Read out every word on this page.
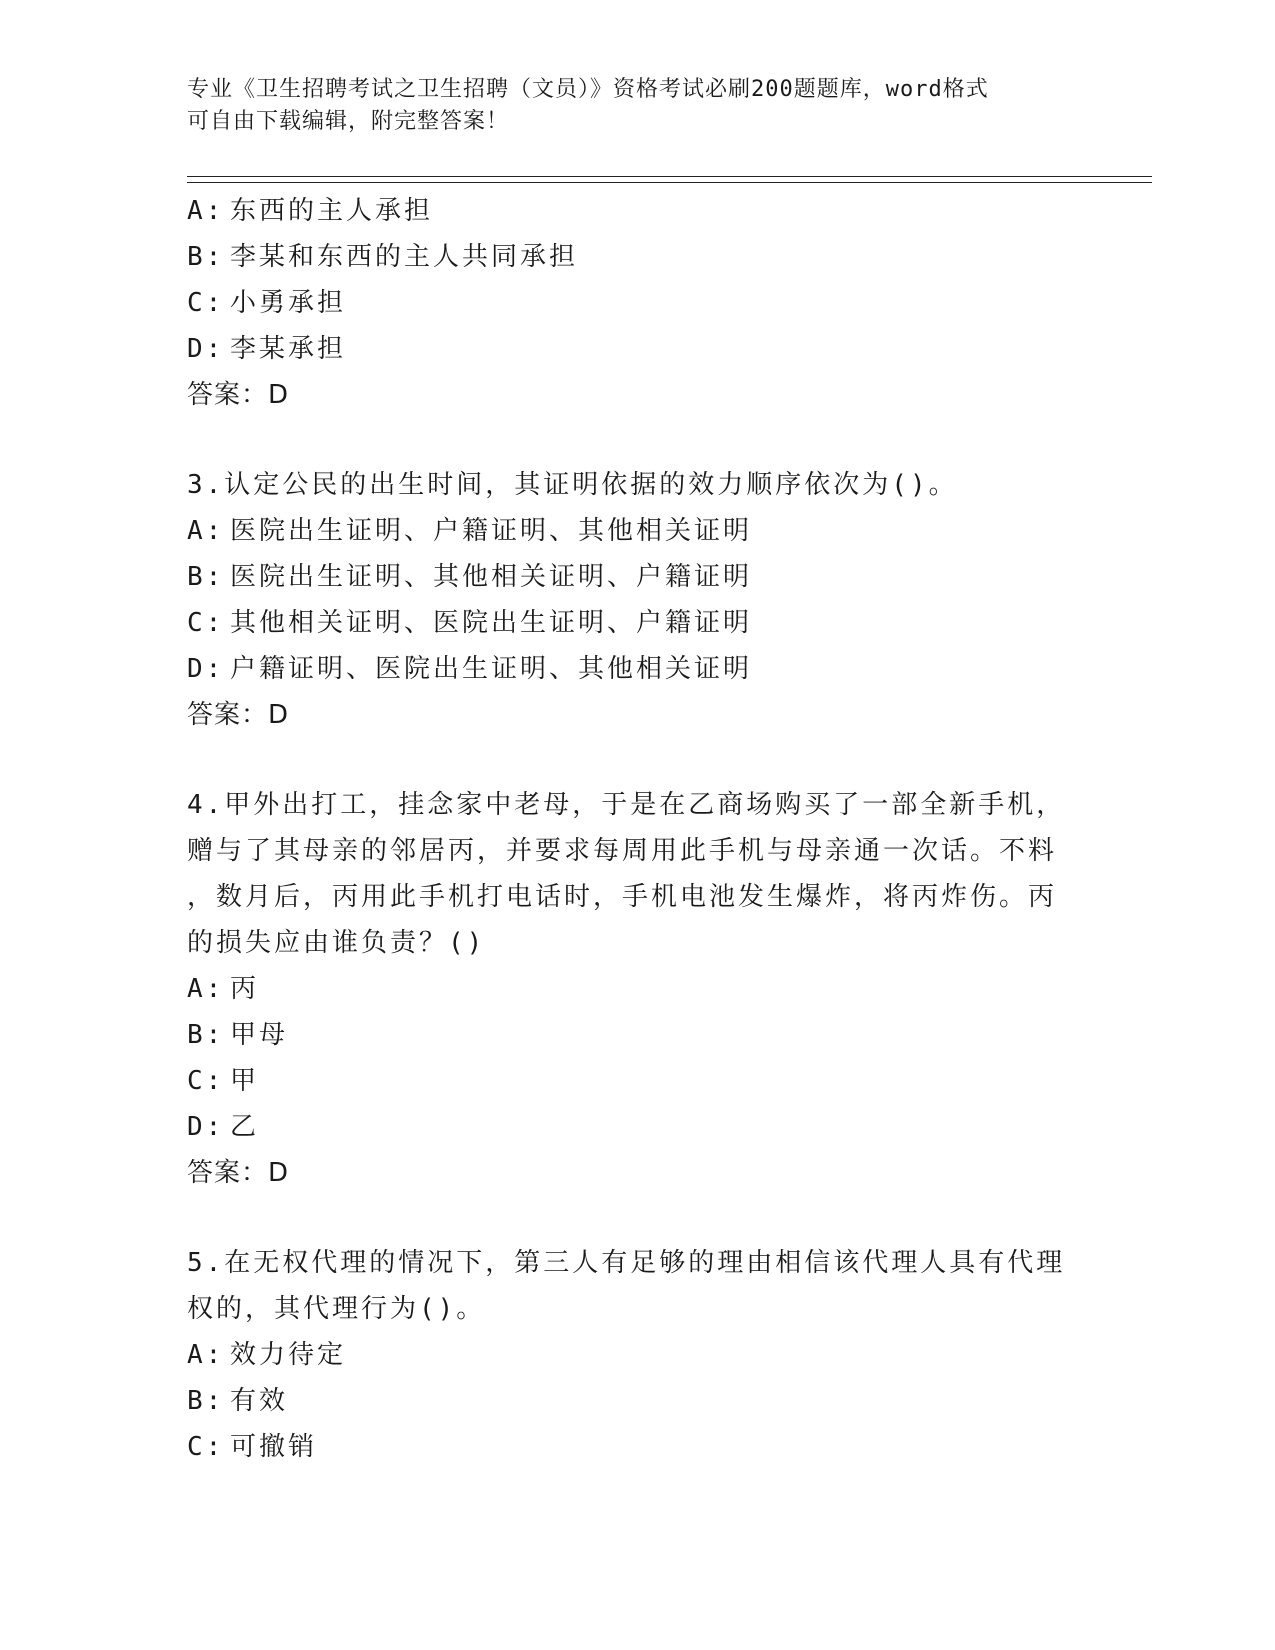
专业《卫生招聘考试之卫生招聘（文员）》资格考试必刷200题题库，word格式
可自由下载编辑，附完整答案！
A: 东西的主人承担
B: 李某和东西的主人共同承担
C: 小勇承担
D: 李某承担
答案：D
3.认定公民的出生时间，其证明依据的效力顺序依次为()。
A: 医院出生证明、户籍证明、其他相关证明
B: 医院出生证明、其他相关证明、户籍证明
C: 其他相关证明、医院出生证明、户籍证明
D: 户籍证明、医院出生证明、其他相关证明
答案：D
4.甲外出打工，挂念家中老母，于是在乙商场购买了一部全新手机，
赠与了其母亲的邻居丙，并要求每周用此手机与母亲通一次话。不料
，数月后，丙用此手机打电话时，手机电池发生爆炸，将丙炸伤。丙
的损失应由谁负责？()
A: 丙
B: 甲母
C: 甲
D: 乙
答案：D
5.在无权代理的情况下，第三人有足够的理由相信该代理人具有代理
权的，其代理行为()。
A: 效力待定
B: 有效
C: 可撤销
